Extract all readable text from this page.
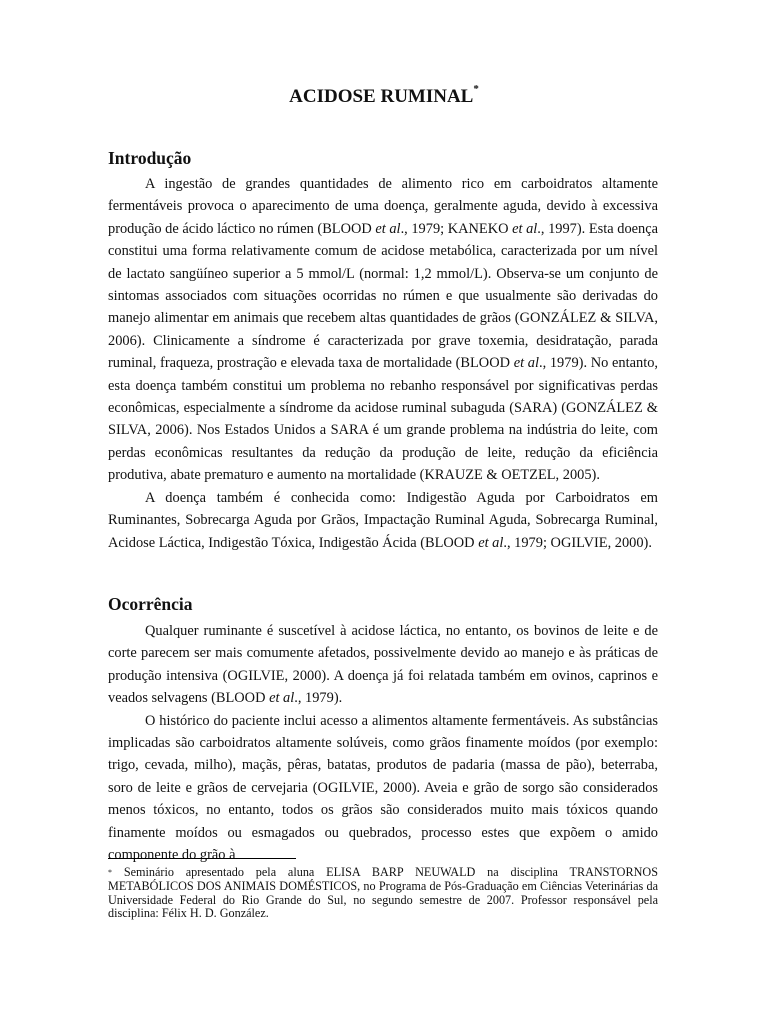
ACIDOSE RUMINAL*
Introdução

A ingestão de grandes quantidades de alimento rico em carboidratos altamente fermentáveis provoca o aparecimento de uma doença, geralmente aguda, devido à excessiva produção de ácido láctico no rúmen (BLOOD et al., 1979; KANEKO et al., 1997). Esta doença constitui uma forma relativamente comum de acidose metabólica, caracterizada por um nível de lactato sangüíneo superior a 5 mmol/L (normal: 1,2 mmol/L). Observa-se um conjunto de sintomas associados com situações ocorridas no rúmen e que usualmente são derivadas do manejo alimentar em animais que recebem altas quantidades de grãos (GONZÁLEZ & SILVA, 2006). Clinicamente a síndrome é caracterizada por grave toxemia, desidratação, parada ruminal, fraqueza, prostração e elevada taxa de mortalidade (BLOOD et al., 1979). No entanto, esta doença também constitui um problema no rebanho responsável por significativas perdas econômicas, especialmente a síndrome da acidose ruminal subaguda (SARA) (GONZÁLEZ & SILVA, 2006). Nos Estados Unidos a SARA é um grande problema na indústria do leite, com perdas econômicas resultantes da redução da produção de leite, redução da eficiência produtiva, abate prematuro e aumento na mortalidade (KRAUZE & OETZEL, 2005).

A doença também é conhecida como: Indigestão Aguda por Carboidratos em Ruminantes, Sobrecarga Aguda por Grãos, Impactação Ruminal Aguda, Sobrecarga Ruminal, Acidose Láctica, Indigestão Tóxica, Indigestão Ácida (BLOOD et al., 1979; OGILVIE, 2000).

Ocorrência

Qualquer ruminante é suscetível à acidose láctica, no entanto, os bovinos de leite e de corte parecem ser mais comumente afetados, possivelmente devido ao manejo e às práticas de produção intensiva (OGILVIE, 2000). A doença já foi relatada também em ovinos, caprinos e veados selvagens (BLOOD et al., 1979).

O histórico do paciente inclui acesso a alimentos altamente fermentáveis. As substâncias implicadas são carboidratos altamente solúveis, como grãos finamente moídos (por exemplo: trigo, cevada, milho), maçãs, pêras, batatas, produtos de padaria (massa de pão), beterraba, soro de leite e grãos de cervejaria (OGILVIE, 2000). Aveia e grão de sorgo são considerados menos tóxicos, no entanto, todos os grãos são considerados muito mais tóxicos quando finamente moídos ou esmagados ou quebrados, processo estes que expõem o amido componente do grão à

* Seminário apresentado pela aluna ELISA BARP NEUWALD na disciplina TRANSTORNOS METABÓLICOS DOS ANIMAIS DOMÉSTICOS, no Programa de Pós-Graduação em Ciências Veterinárias da Universidade Federal do Rio Grande do Sul, no segundo semestre de 2007. Professor responsável pela disciplina: Félix H. D. González.
